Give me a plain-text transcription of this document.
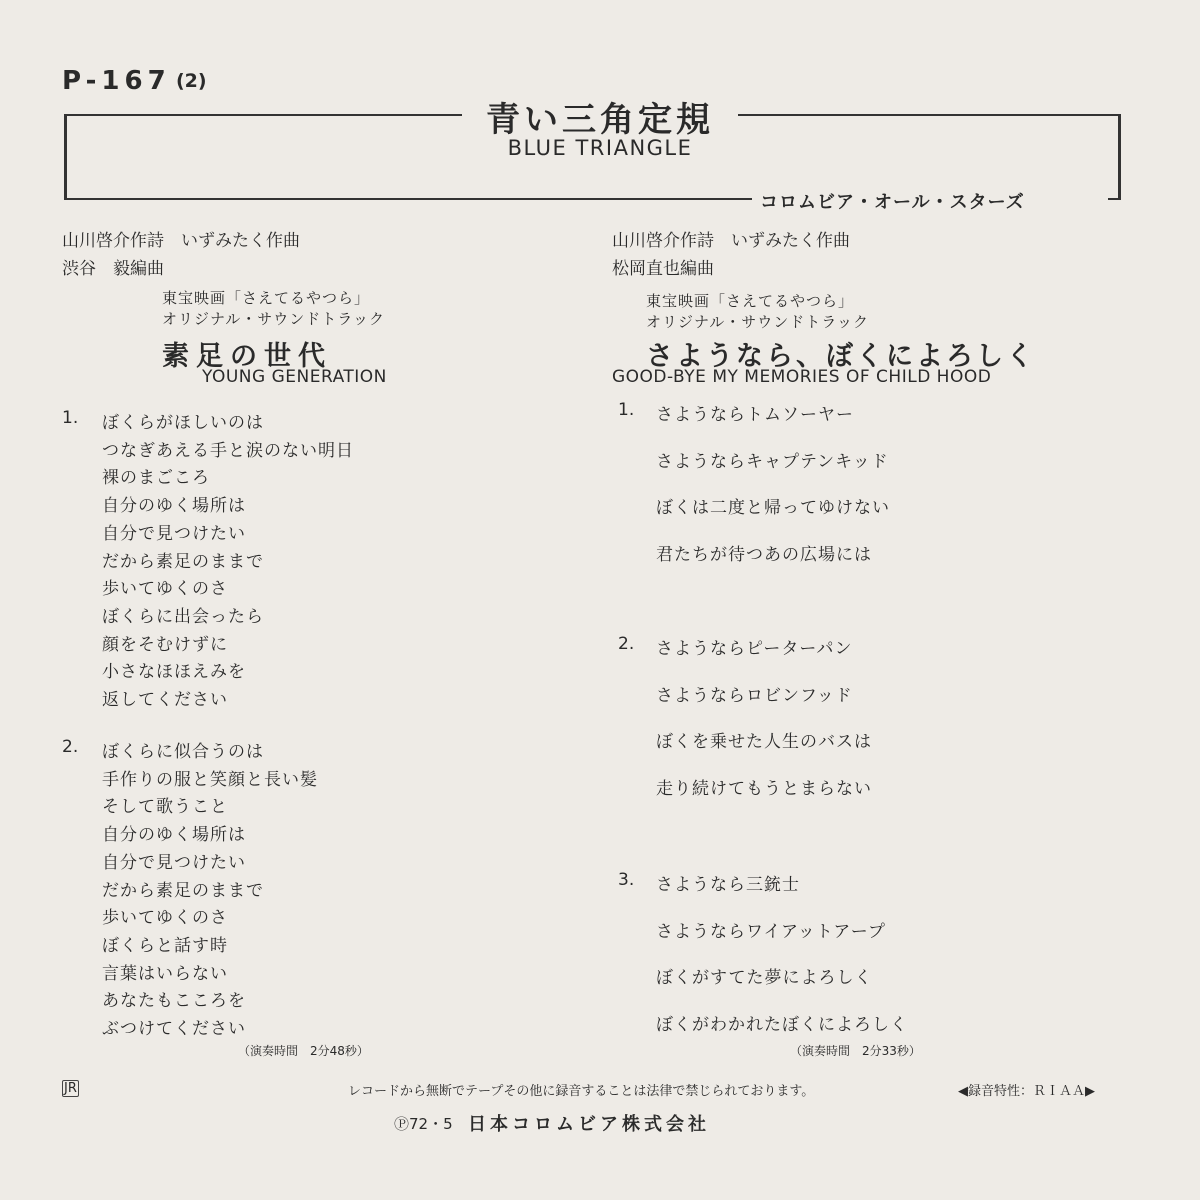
P-167 (2)
青い三角定規
BLUE TRIANGLE
コロムビア・オール・スターズ
山川啓介作詩　いずみたく作曲
渋谷　毅編曲
東宝映画「さえてるやつら」
オリジナル・サウンドトラック
素足の世代
YOUNG GENERATION
1. ぼくらがほしいのは
つなぎあえる手と涙のない明日
裸のまごころ
自分のゆく場所は
自分で見つけたい
だから素足のままで
歩いてゆくのさ
ぼくらに出会ったら
顔をそむけずに
小さなほほえみを
返してください
2. ぼくらに似合うのは
手作りの服と笑顔と長い髪
そして歌うこと
自分のゆく場所は
自分で見つけたい
だから素足のままで
歩いてゆくのさ
ぼくらと話す時
言葉はいらない
あなたもこころを
ぶつけてください
（演奏時間　2分48秒）
山川啓介作詩　いずみたく作曲
松岡直也編曲
東宝映画「さえてるやつら」
オリジナル・サウンドトラック
さようなら、ぼくによろしく
GOOD-BYE MY MEMORIES OF CHILD HOOD
1. さようならトムソーヤー
さようならキャプテンキッド
ぼくは二度と帰ってゆけない
君たちが待つあの広場には
2. さようならピーターパン
さようならロビンフッド
ぼくを乗せた人生のバスは
走り続けてもうとまらない
3. さようなら三銃士
さようならワイアットアープ
ぼくがすてた夢によろしく
ぼくがわかれたぼくによろしく
（演奏時間　2分33秒）
JR	レコードから無断でテープその他に録音することは法律で禁じられております。	◀録音特性：ＲＩＡＡ▶
Ⓟ72・5 日本コロムビア株式会社
